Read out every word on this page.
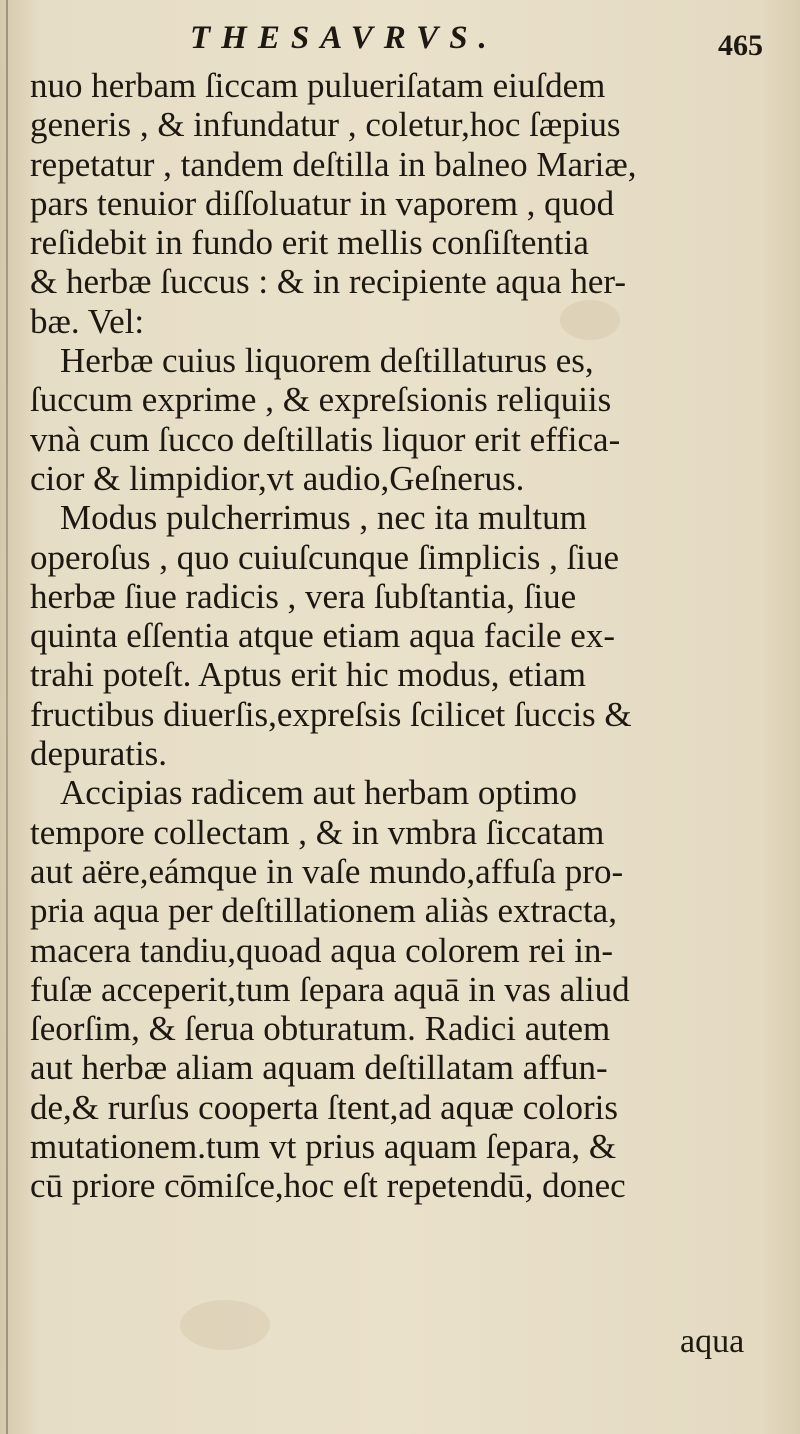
THESAVRVS.	465
nuo herbam ſiccam pulueriſatam eiuſdem
generis , & infundatur , coletur,hoc ſæpius
repetatur , tandem deſtilla in balneo Mariæ,
pars tenuior diſſoluatur in vaporem , quod
reſidebit in fundo erit mellis conſiſtentia
& herbæ ſuccus : & in recipiente aqua her-
bæ. Vel:
Herbæ cuius liquorem deſtillaturus es,
ſuccum exprime , & expreſsionis reliquiis
vnà cum ſucco deſtillatis liquor erit effica-
cior & limpidior,vt audio,Geſnerus.
Modus pulcherrimus , nec ita multum
operoſus , quo cuiuſcunque ſimplicis , ſiue
herbæ ſiue radicis , vera ſubſtantia, ſiue
quinta eſſentia atque etiam aqua facile ex-
trahi poteſt. Aptus erit hic modus, etiam
fructibus diuerſis,expreſsis ſcilicet ſuccis &
depuratis.
Accipias radicem aut herbam optimo
tempore collectam , & in vmbra ſiccatam
aut aëre,eámque in vaſe mundo,affuſa pro-
pria aqua per deſtillationem aliàs extracta,
macera tandiu,quoad aqua colorem rei in-
fuſæ acceperit,tum ſepara aquā in vas aliud
ſeorſim, & ſerua obturatum. Radici autem
aut herbæ aliam aquam deſtillatam affun-
de,& rurſus cooperta ſtent,ad aquæ coloris
mutationem.tum vt prius aquam ſepara, &
cū priore cōmiſce,hoc eſt repetendū, donec
aqua
